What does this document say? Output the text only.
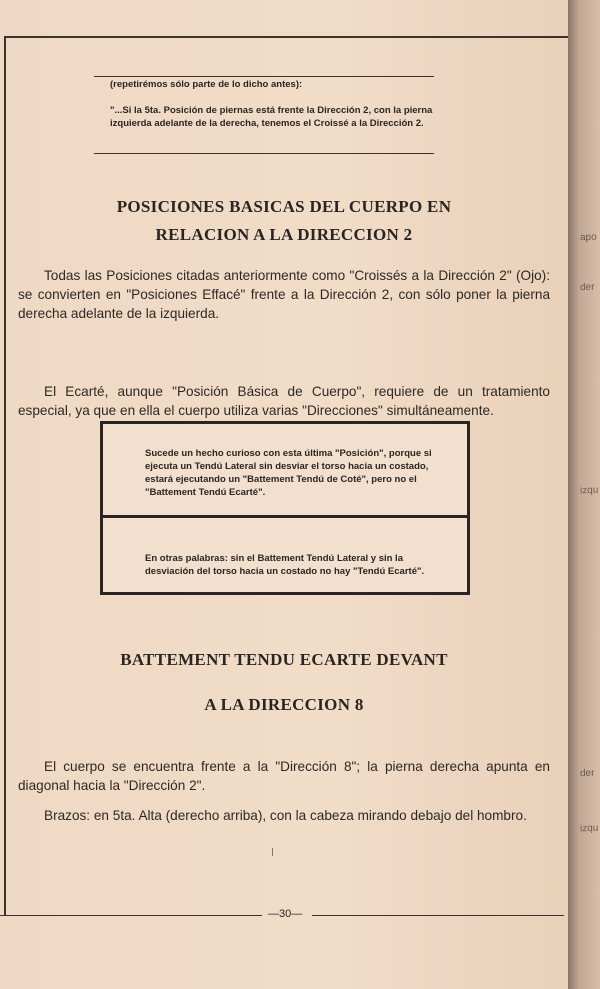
(repetirémos sólo parte de lo dicho antes):

"...Si la 5ta. Posición de piernas está frente la Dirección 2, con la pierna izquierda adelante de la derecha, tenemos el Croissé a la Dirección 2.

POSICIONES BASICAS DEL CUERPO EN
RELACION A LA DIRECCION 2

Todas las Posiciones citadas anteriormente como "Croissés a la Dirección 2" (Ojo): se convierten en "Posiciones Effacé" frente a la Dirección 2, con sólo poner la pierna derecha adelante de la izquierda.

El Ecarté, aunque "Posición Básica de Cuerpo", requiere de un tratamiento especial, ya que en ella el cuerpo utiliza varias "Direcciones" simultáneamente.

Sucede un hecho curioso con esta última "Posición", porque si ejecuta un Tendú Lateral sin desviar el torso hacia un costado, estará ejecutando un "Battement Tendú de Coté", pero no el "Battement Tendú Ecarté".

En otras palabras: sin el Battement Tendú Lateral y sin la desviación del torso hacia un costado no hay "Tendú Ecarté".

BATTEMENT TENDU ECARTE DEVANT
A LA DIRECCION 8

El cuerpo se encuentra frente a la "Dirección 8"; la pierna derecha apunta en diagonal hacia la "Dirección 2".

Brazos: en 5ta. Alta (derecho arriba), con la cabeza mirando debajo del hombro.

—30—

apo
der
izqu
der
izqu
